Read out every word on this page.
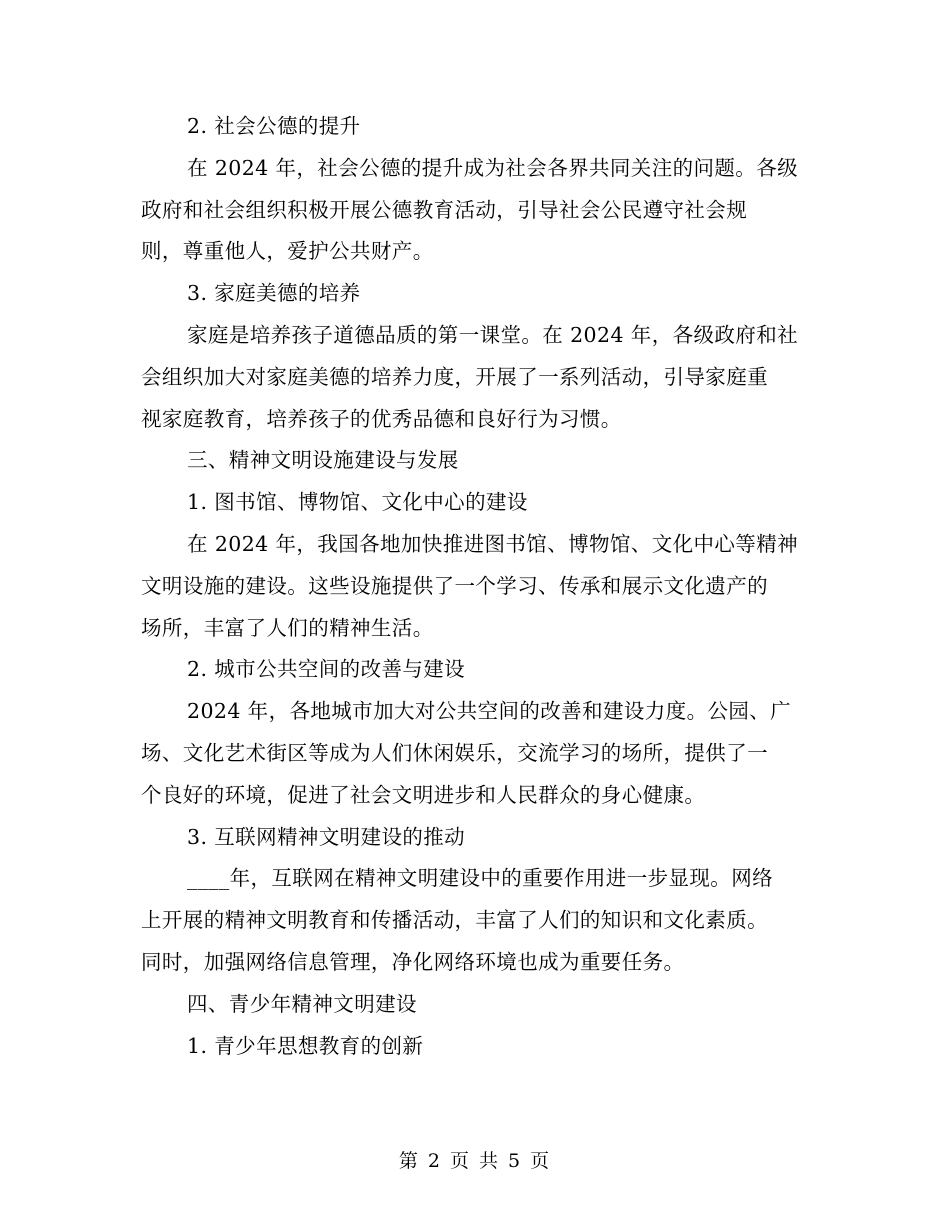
2. 社会公德的提升
在 2024 年，社会公德的提升成为社会各界共同关注的问题。各级
政府和社会组织积极开展公德教育活动，引导社会公民遵守社会规
则，尊重他人，爱护公共财产。
3. 家庭美德的培养
家庭是培养孩子道德品质的第一课堂。在 2024 年，各级政府和社
会组织加大对家庭美德的培养力度，开展了一系列活动，引导家庭重
视家庭教育，培养孩子的优秀品德和良好行为习惯。
三、精神文明设施建设与发展
1. 图书馆、博物馆、文化中心的建设
在 2024 年，我国各地加快推进图书馆、博物馆、文化中心等精神
文明设施的建设。这些设施提供了一个学习、传承和展示文化遗产的
场所，丰富了人们的精神生活。
2. 城市公共空间的改善与建设
2024 年，各地城市加大对公共空间的改善和建设力度。公园、广
场、文化艺术街区等成为人们休闲娱乐，交流学习的场所，提供了一
个良好的环境，促进了社会文明进步和人民群众的身心健康。
3. 互联网精神文明建设的推动
____年，互联网在精神文明建设中的重要作用进一步显现。网络
上开展的精神文明教育和传播活动，丰富了人们的知识和文化素质。
同时，加强网络信息管理，净化网络环境也成为重要任务。
四、青少年精神文明建设
1. 青少年思想教育的创新
第 2 页 共 5 页
